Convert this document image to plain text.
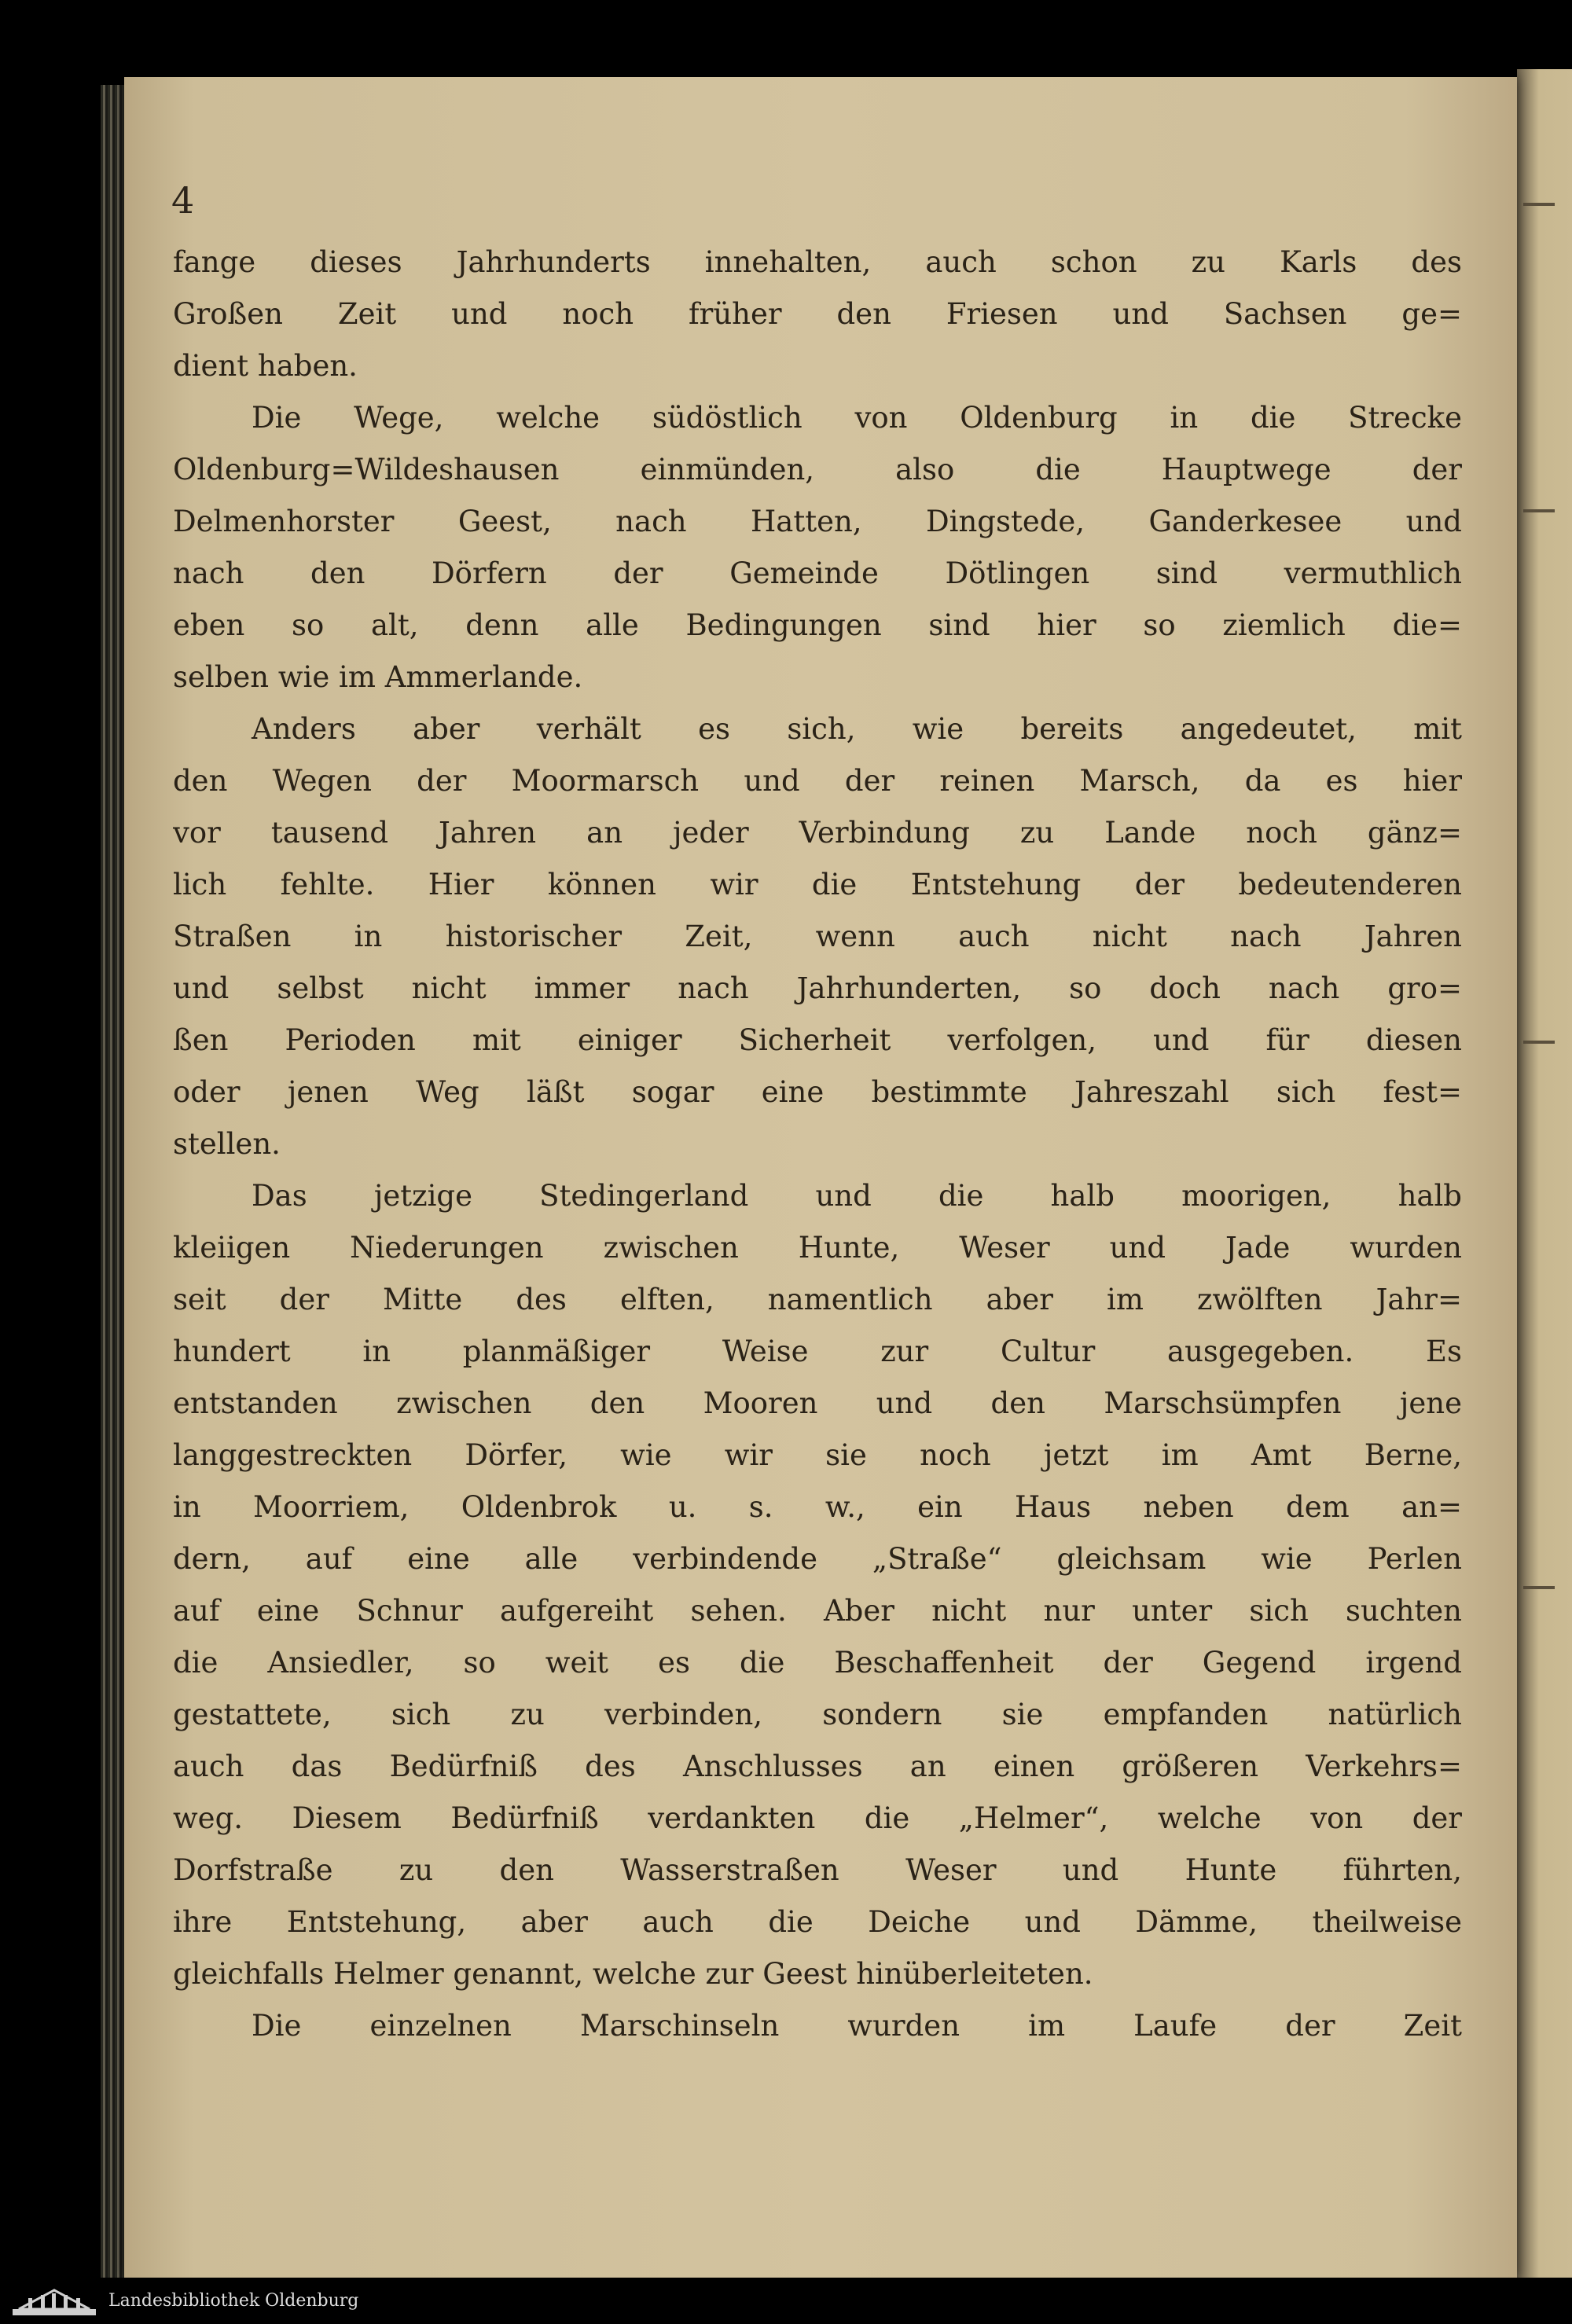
4
fange dieses Jahrhunderts innehalten, auch schon zu Karls des
Großen Zeit und noch früher den Friesen und Sachsen ge=
dient haben.
Die Wege, welche südöstlich von Oldenburg in die Strecke
Oldenburg=Wildeshausen einmünden, also die Hauptwege der
Delmenhorster Geest, nach Hatten, Dingstede, Ganderkesee und
nach den Dörfern der Gemeinde Dötlingen sind vermuthlich
eben so alt, denn alle Bedingungen sind hier so ziemlich die=
selben wie im Ammerlande.
Anders aber verhält es sich, wie bereits angedeutet, mit
den Wegen der Moormarsch und der reinen Marsch, da es hier
vor tausend Jahren an jeder Verbindung zu Lande noch gänz=
lich fehlte. Hier können wir die Entstehung der bedeutenderen
Straßen in historischer Zeit, wenn auch nicht nach Jahren
und selbst nicht immer nach Jahrhunderten, so doch nach gro=
ßen Perioden mit einiger Sicherheit verfolgen, und für diesen
oder jenen Weg läßt sogar eine bestimmte Jahreszahl sich fest=
stellen.
Das jetzige Stedingerland und die halb moorigen, halb
kleiigen Niederungen zwischen Hunte, Weser und Jade wurden
seit der Mitte des elften, namentlich aber im zwölften Jahr=
hundert in planmäßiger Weise zur Cultur ausgegeben. Es
entstanden zwischen den Mooren und den Marschsümpfen jene
langgestreckten Dörfer, wie wir sie noch jetzt im Amt Berne,
in Moorriem, Oldenbrok u. s. w., ein Haus neben dem an=
dern, auf eine alle verbindende „Straße“ gleichsam wie Perlen
auf eine Schnur aufgereiht sehen. Aber nicht nur unter sich suchten
die Ansiedler, so weit es die Beschaffenheit der Gegend irgend
gestattete, sich zu verbinden, sondern sie empfanden natürlich
auch das Bedürfniß des Anschlusses an einen größeren Verkehrs=
weg. Diesem Bedürfniß verdankten die „Helmer“, welche von der
Dorfstraße zu den Wasserstraßen Weser und Hunte führten,
ihre Entstehung, aber auch die Deiche und Dämme, theilweise
gleichfalls Helmer genannt, welche zur Geest hinüberleiteten.
Die einzelnen Marschinseln wurden im Laufe der Zeit
Landesbibliothek Oldenburg
